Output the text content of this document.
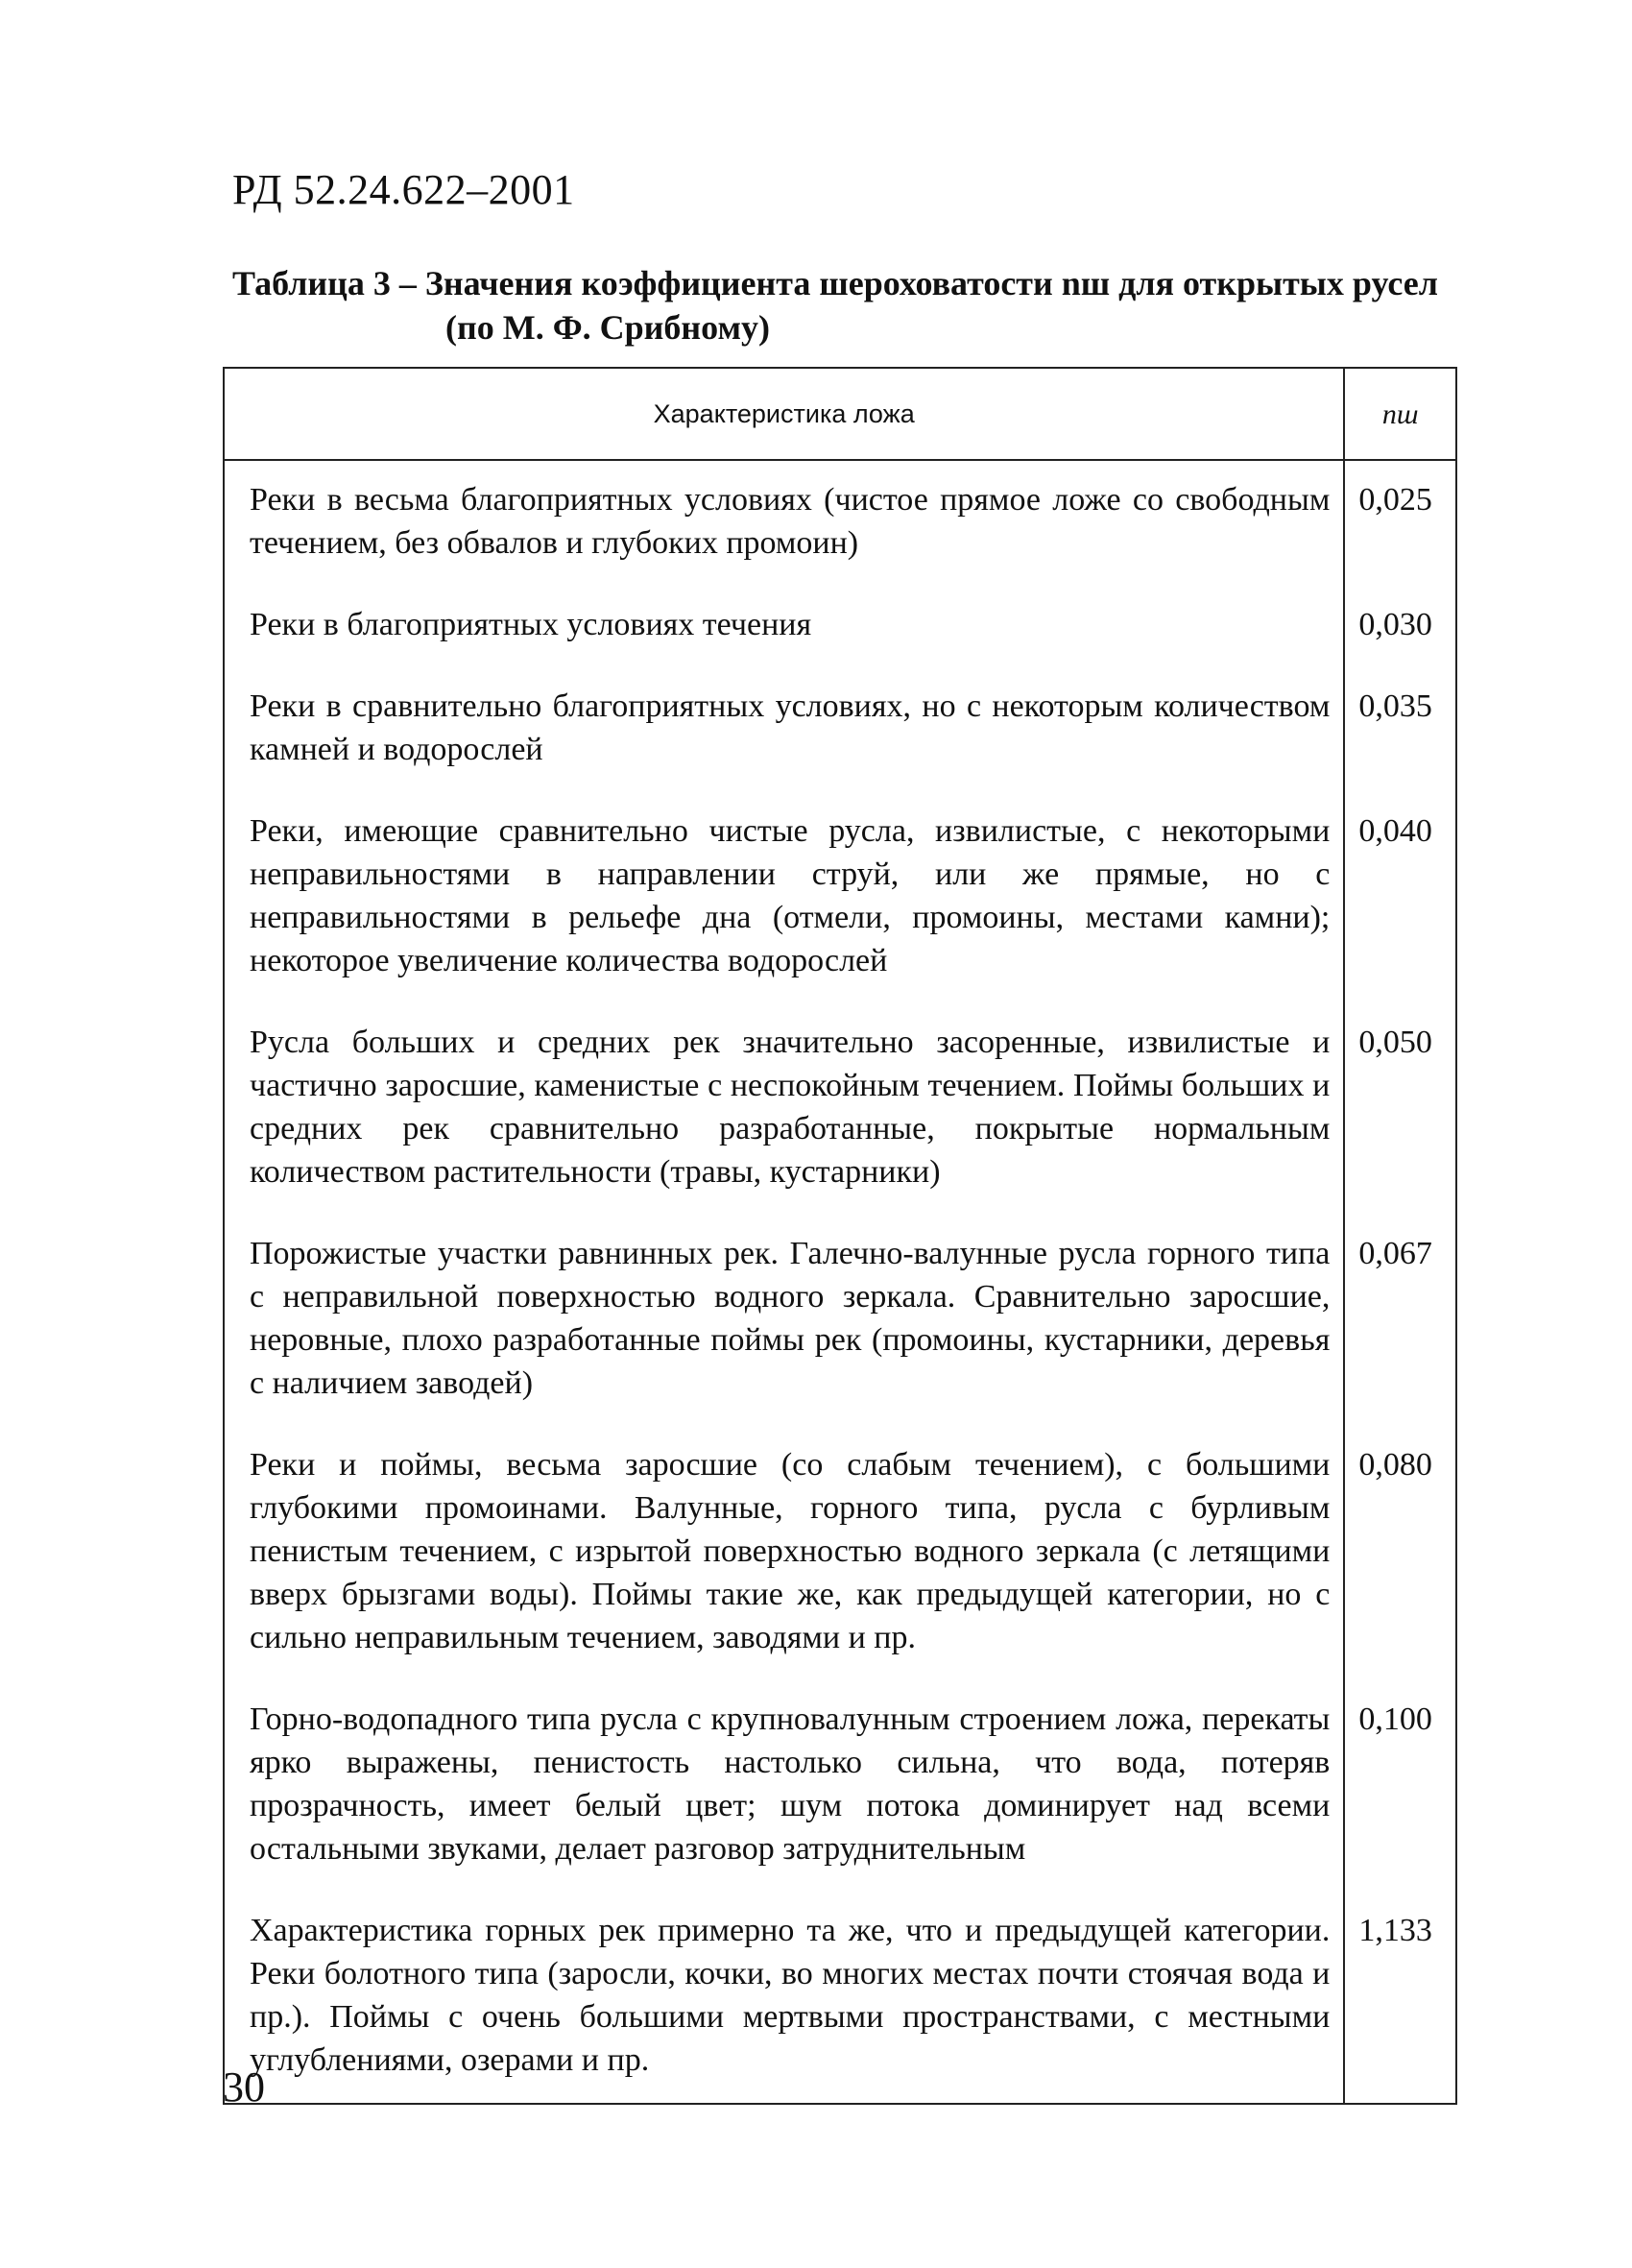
РД 52.24.622–2001
Таблица 3 – Значения коэффициента шероховатости nш для открытых русел
(по М. Ф. Срибному)
Характеристика ложа	nш
Реки в весьма благоприятных условиях (чистое прямое ложе со свободным течением, без обвалов и глубоких промоин)	0,025
Реки в благоприятных условиях течения	0,030
Реки в сравнительно благоприятных условиях, но с некоторым количеством камней и водорослей	0,035
Реки, имеющие сравнительно чистые русла, извилистые, с некоторыми неправильностями в направлении струй, или же прямые, но с неправильностями в рельефе дна (отмели, промоины, местами камни); некоторое увеличение количества водорослей	0,040
Русла больших и средних рек значительно засоренные, извилистые и частично заросшие, каменистые с неспокойным течением. Поймы больших и средних рек сравнительно разработанные, покрытые нормальным количеством растительности (травы, кустарники)	0,050
Порожистые участки равнинных рек. Галечно-валунные русла горного типа с неправильной поверхностью водного зеркала. Сравнительно заросшие, неровные, плохо разработанные поймы рек (промоины, кустарники, деревья с наличием заводей)	0,067
Реки и поймы, весьма заросшие (со слабым течением), с большими глубокими промоинами. Валунные, горного типа, русла с бурливым пенистым течением, с изрытой поверхностью водного зеркала (с летящими вверх брызгами воды). Поймы такие же, как предыдущей категории, но с сильно неправильным течением, заводями и пр.	0,080
Горно-водопадного типа русла с крупновалунным строением ложа, перекаты ярко выражены, пенистость настолько сильна, что вода, потеряв прозрачность, имеет белый цвет; шум потока доминирует над всеми остальными звуками, делает разговор затруднительным	0,100
Характеристика горных рек примерно та же, что и предыдущей категории. Реки болотного типа (заросли, кочки, во многих местах почти стоячая вода и пр.). Поймы с очень большими мертвыми пространствами, с местными углублениями, озерами и пр.	1,133
30
